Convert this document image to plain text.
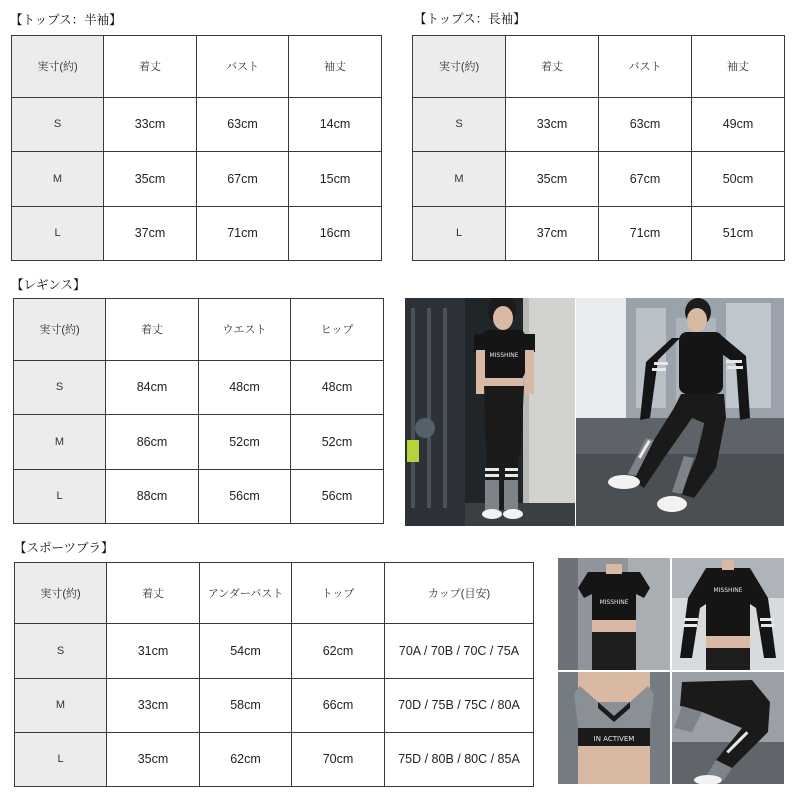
【トップス：半袖】	【トップス：長袖】
【レギンス】
【スポーツブラ】
実寸(約)	着丈	バスト	袖丈
S	33cm	63cm	14cm
M	35cm	67cm	15cm
L	37cm	71cm	16cm
実寸(約)	着丈	バスト	袖丈
S	33cm	63cm	49cm
M	35cm	67cm	50cm
L	37cm	71cm	51cm
実寸(約)	着丈	ウエスト	ヒップ
S	84cm	48cm	48cm
M	86cm	52cm	52cm
L	88cm	56cm	56cm
実寸(約)	着丈	アンダーバスト	トップ	カップ(目安)
S	31cm	54cm	62cm	70A / 70B / 70C / 75A
M	33cm	58cm	66cm	70D / 75B / 75C / 80A
L	35cm	62cm	70cm	75D / 80B / 80C / 85A
MISSHINE
MISSHINE
MISSHINE
IN ACTIVEM
